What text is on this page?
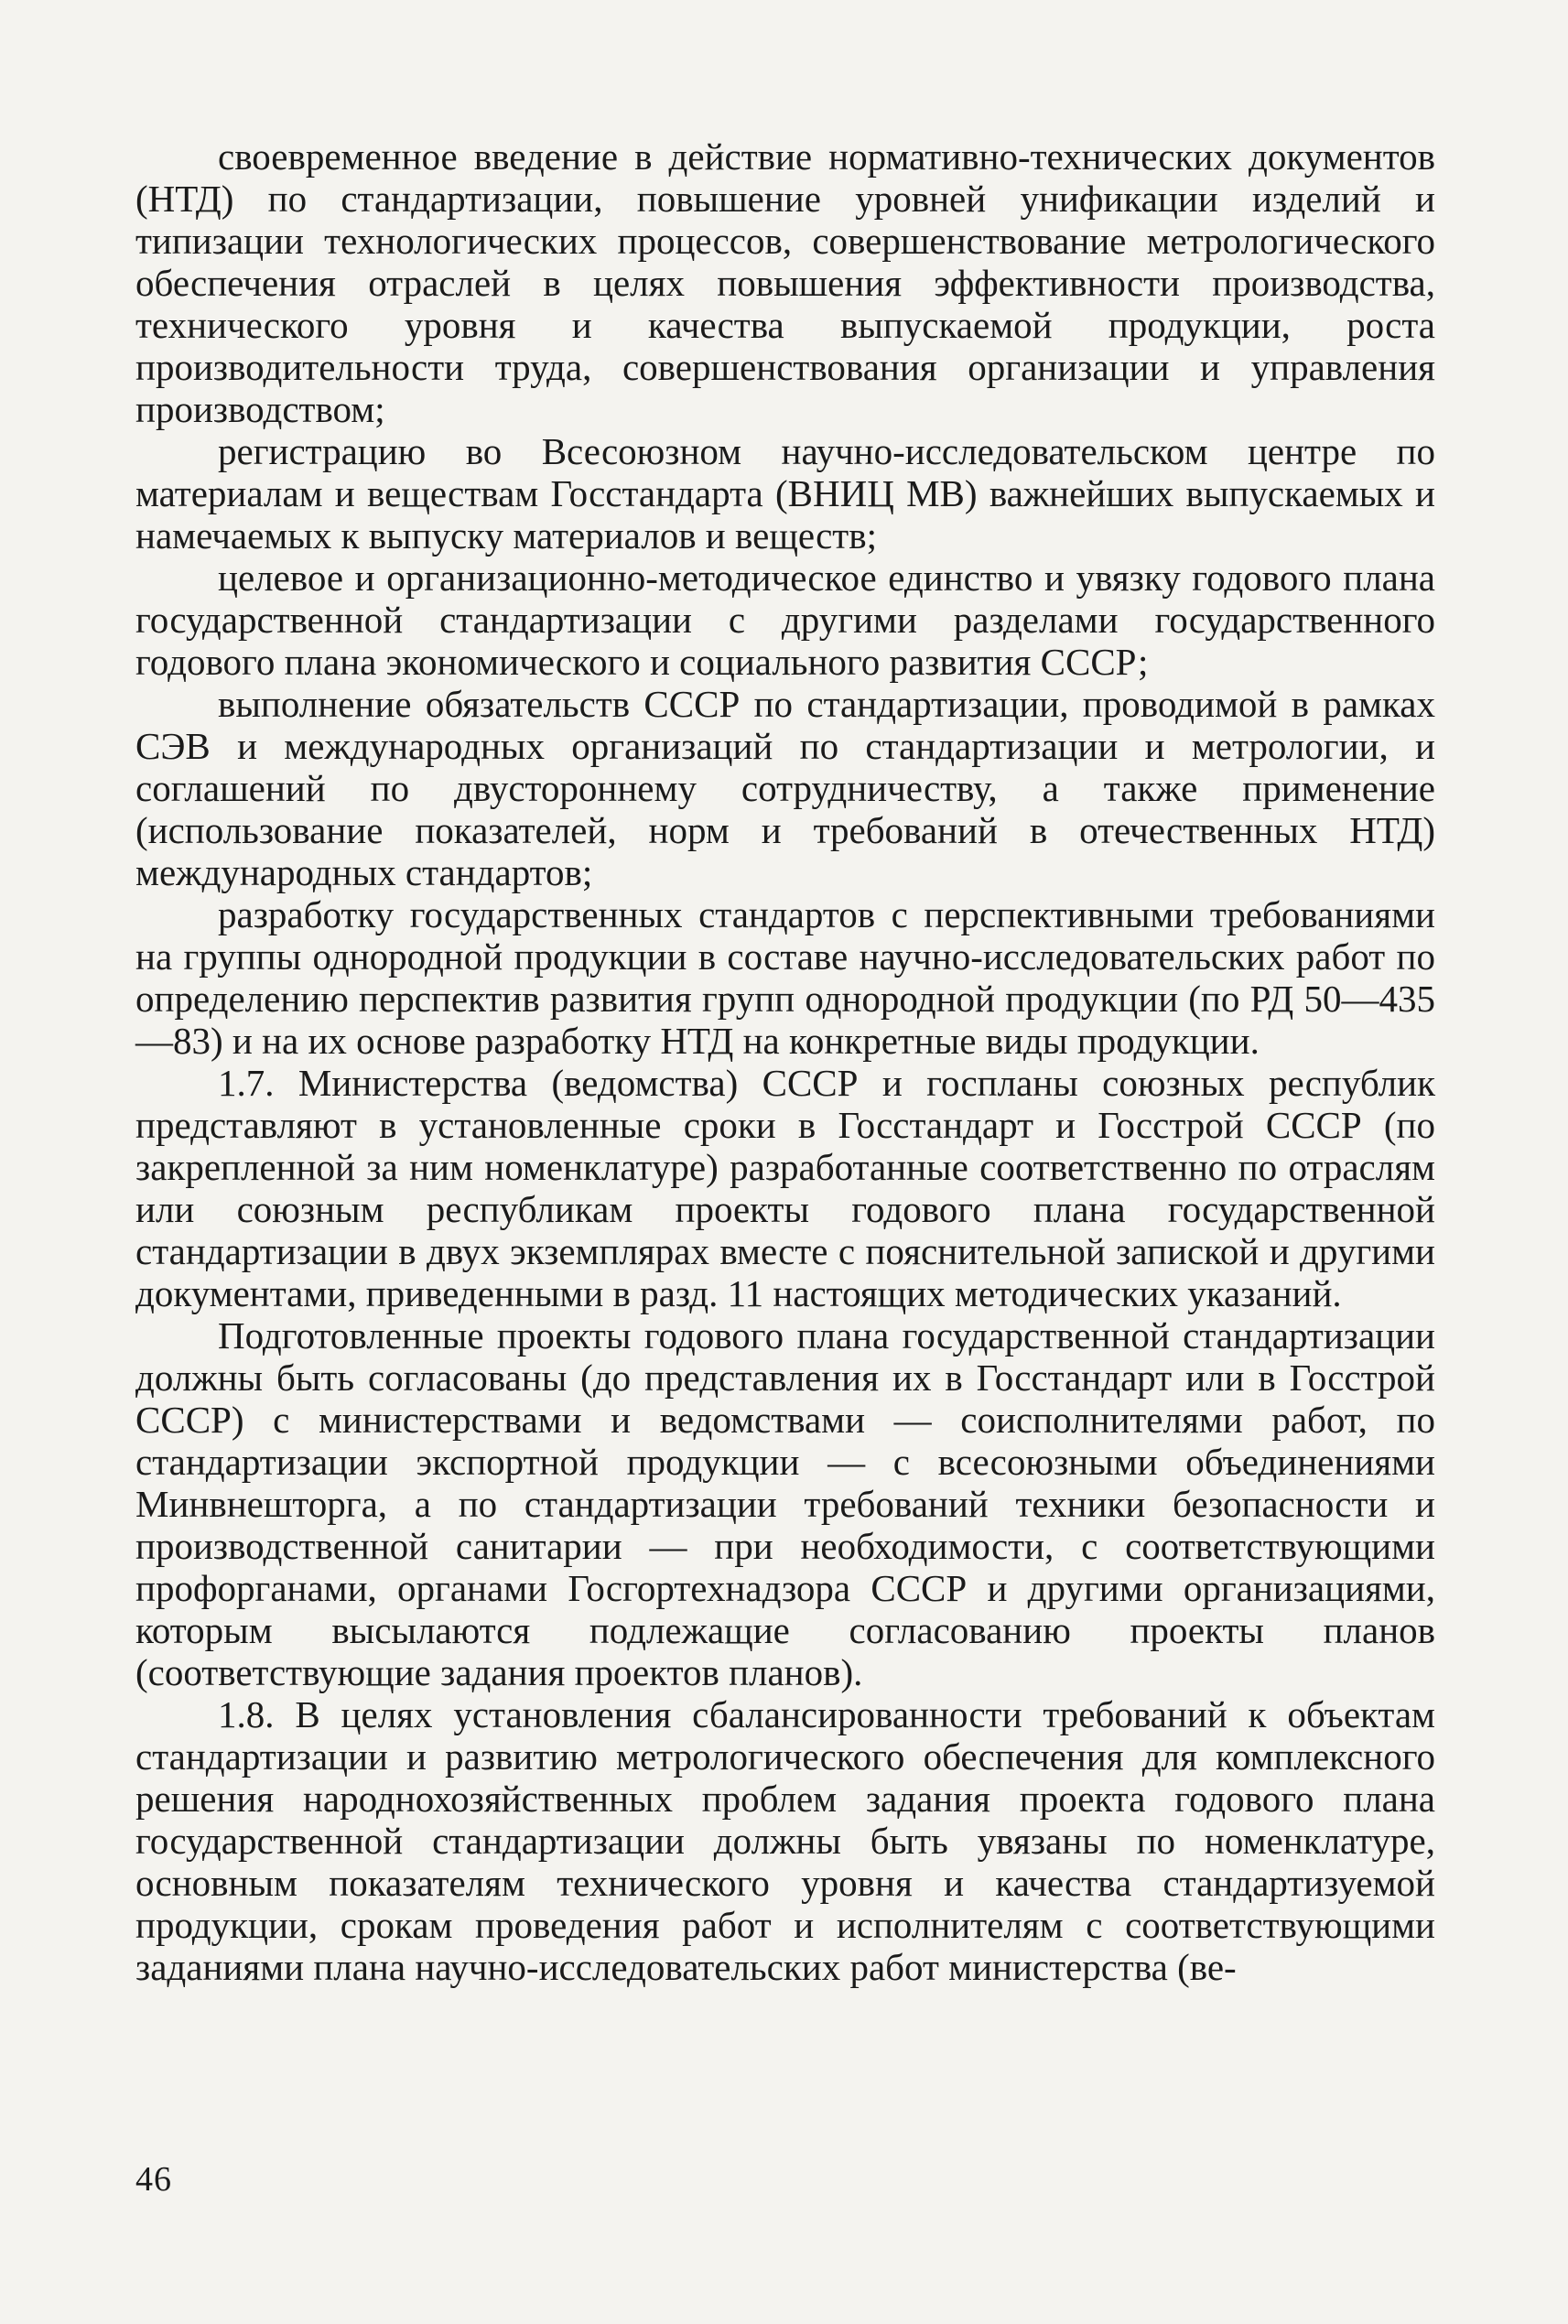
своевременное введение в действие нормативно-технических документов (НТД) по стандартизации, повышение уровней унификации изделий и типизации технологических процессов, совершенствование метрологического обеспечения отраслей в целях повышения эффективности производства, технического уровня и качества выпускаемой продукции, роста производительности труда, совершенствования организации и управления производством;

регистрацию во Всесоюзном научно-исследовательском центре по материалам и веществам Госстандарта (ВНИЦ МВ) важнейших выпускаемых и намечаемых к выпуску материалов и веществ;

целевое и организационно-методическое единство и увязку годового плана государственной стандартизации с другими разделами государственного годового плана экономического и социального развития СССР;

выполнение обязательств СССР по стандартизации, проводимой в рамках СЭВ и международных организаций по стандартизации и метрологии, и соглашений по двустороннему сотрудничеству, а также применение (использование показателей, норм и требований в отечественных НТД) международных стандартов;

разработку государственных стандартов с перспективными требованиями на группы однородной продукции в составе научно-исследовательских работ по определению перспектив развития групп однородной продукции (по РД 50—435—83) и на их основе разработку НТД на конкретные виды продукции.

1.7. Министерства (ведомства) СССР и госпланы союзных республик представляют в установленные сроки в Госстандарт и Госстрой СССР (по закрепленной за ним номенклатуре) разработанные соответственно по отраслям или союзным республикам проекты годового плана государственной стандартизации в двух экземплярах вместе с пояснительной запиской и другими документами, приведенными в разд. 11 настоящих методических указаний.

Подготовленные проекты годового плана государственной стандартизации должны быть согласованы (до представления их в Госстандарт или в Госстрой СССР) с министерствами и ведомствами — соисполнителями работ, по стандартизации экспортной продукции — с всесоюзными объединениями Минвнешторга, а по стандартизации требований техники безопасности и производственной санитарии — при необходимости, с соответствующими профорганами, органами Госгортехнадзора СССР и другими организациями, которым высылаются подлежащие согласованию проекты планов (соответствующие задания проектов планов).

1.8. В целях установления сбалансированности требований к объектам стандартизации и развитию метрологического обеспечения для комплексного решения народнохозяйственных проблем задания проекта годового плана государственной стандартизации должны быть увязаны по номенклатуре, основным показателям технического уровня и качества стандартизуемой продукции, срокам проведения работ и исполнителям с соответствующими заданиями плана научно-исследовательских работ министерства (ве-

46
